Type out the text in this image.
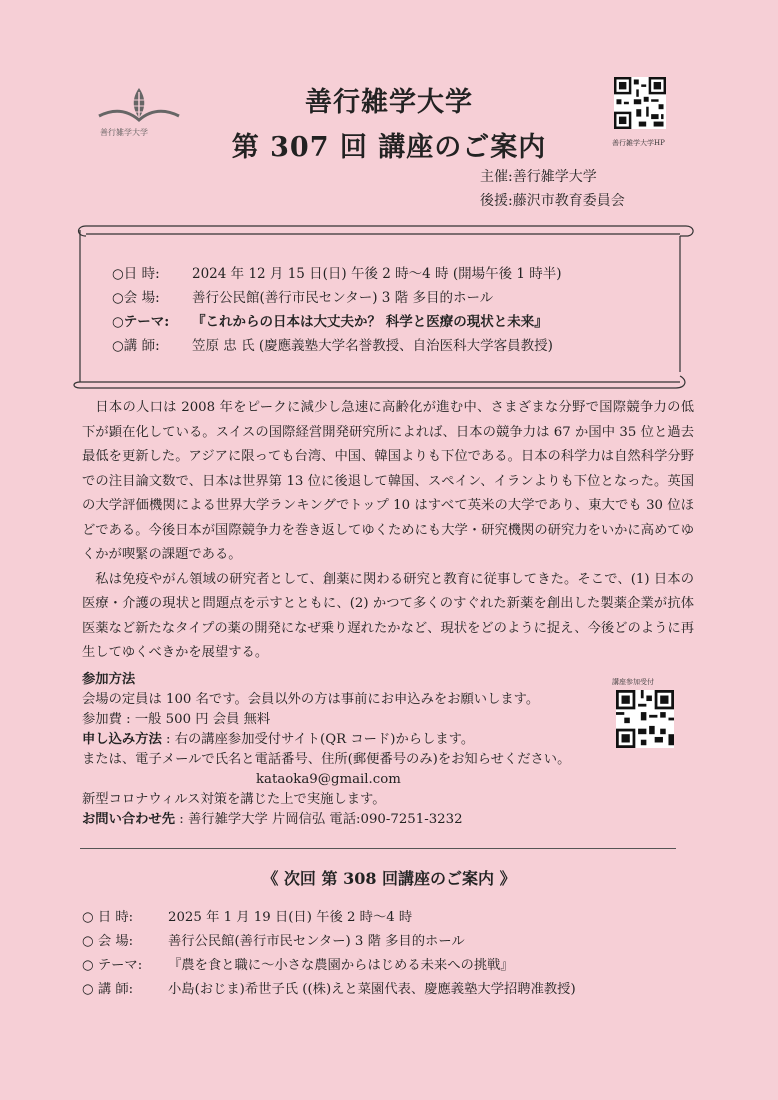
善行雑学大学
善行雑学大学
第 307 回 講座のご案内	善行雑学大学HP
主催:善行雑学大学
後援:藤沢市教育委員会
○日 時: 2024 年 12 月 15 日(日) 午後 2 時～4 時 (開場午後 1 時半)
○会 場: 善行公民館(善行市民センター) 3 階 多目的ホール
○テーマ: 『これからの日本は大丈夫か？ 科学と医療の現状と未来』
○講 師: 笠原 忠 氏 (慶應義塾大学名誉教授、自治医科大学客員教授)

日本の人口は 2008 年をピークに減少し急速に高齢化が進む中、さまざまな分野で国際競争力の低下が顕在化している。スイスの国際経営開発研究所によれば、日本の競争力は 67 か国中 35 位と過去最低を更新した。アジアに限っても台湾、中国、韓国よりも下位である。日本の科学力は自然科学分野での注目論文数で、日本は世界第 13 位に後退して韓国、スペイン、イランよりも下位となった。英国の大学評価機関による世界大学ランキングでトップ 10 はすべて英米の大学であり、東大でも 30 位ほどである。今後日本が国際競争力を巻き返してゆくためにも大学・研究機関の研究力をいかに高めてゆくかが喫緊の課題である。

私は免疫やがん領域の研究者として、創薬に関わる研究と教育に従事してきた。そこで、(1) 日本の医療・介護の現状と問題点を示すとともに、(2) かつて多くのすぐれた新薬を創出した製薬企業が抗体医薬など新たなタイプの薬の開発になぜ乗り遅れたかなど、現状をどのように捉え、今後どのように再生してゆくべきかを展望する。

参加方法
会場の定員は 100 名です。会員以外の方は事前にお申込みをお願いします。
参加費 : 一般 500 円 会員 無料
申し込み方法 : 右の講座参加受付サイト(QR コード)からします。
または、電子メールで氏名と電話番号、住所(郵便番号のみ)をお知らせください。
kataoka9@gmail.com
新型コロナウィルス対策を講じた上で実施します。
お問い合わせ先 : 善行雑学大学 片岡信弘 電話:090-7251-3232
講座参加受付
《 次回 第 308 回講座のご案内 》
○ 日 時:	2025 年 1 月 19 日(日) 午後 2 時～4 時
○ 会 場:	善行公民館(善行市民センター) 3 階 多目的ホール
○ テーマ: 『農を食と職に～小さな農園からはじめる未来への挑戦』
○ 講 師:	小島(おじま)希世子氏 ((株)えと菜園代表、慶應義塾大学招聘准教授)
